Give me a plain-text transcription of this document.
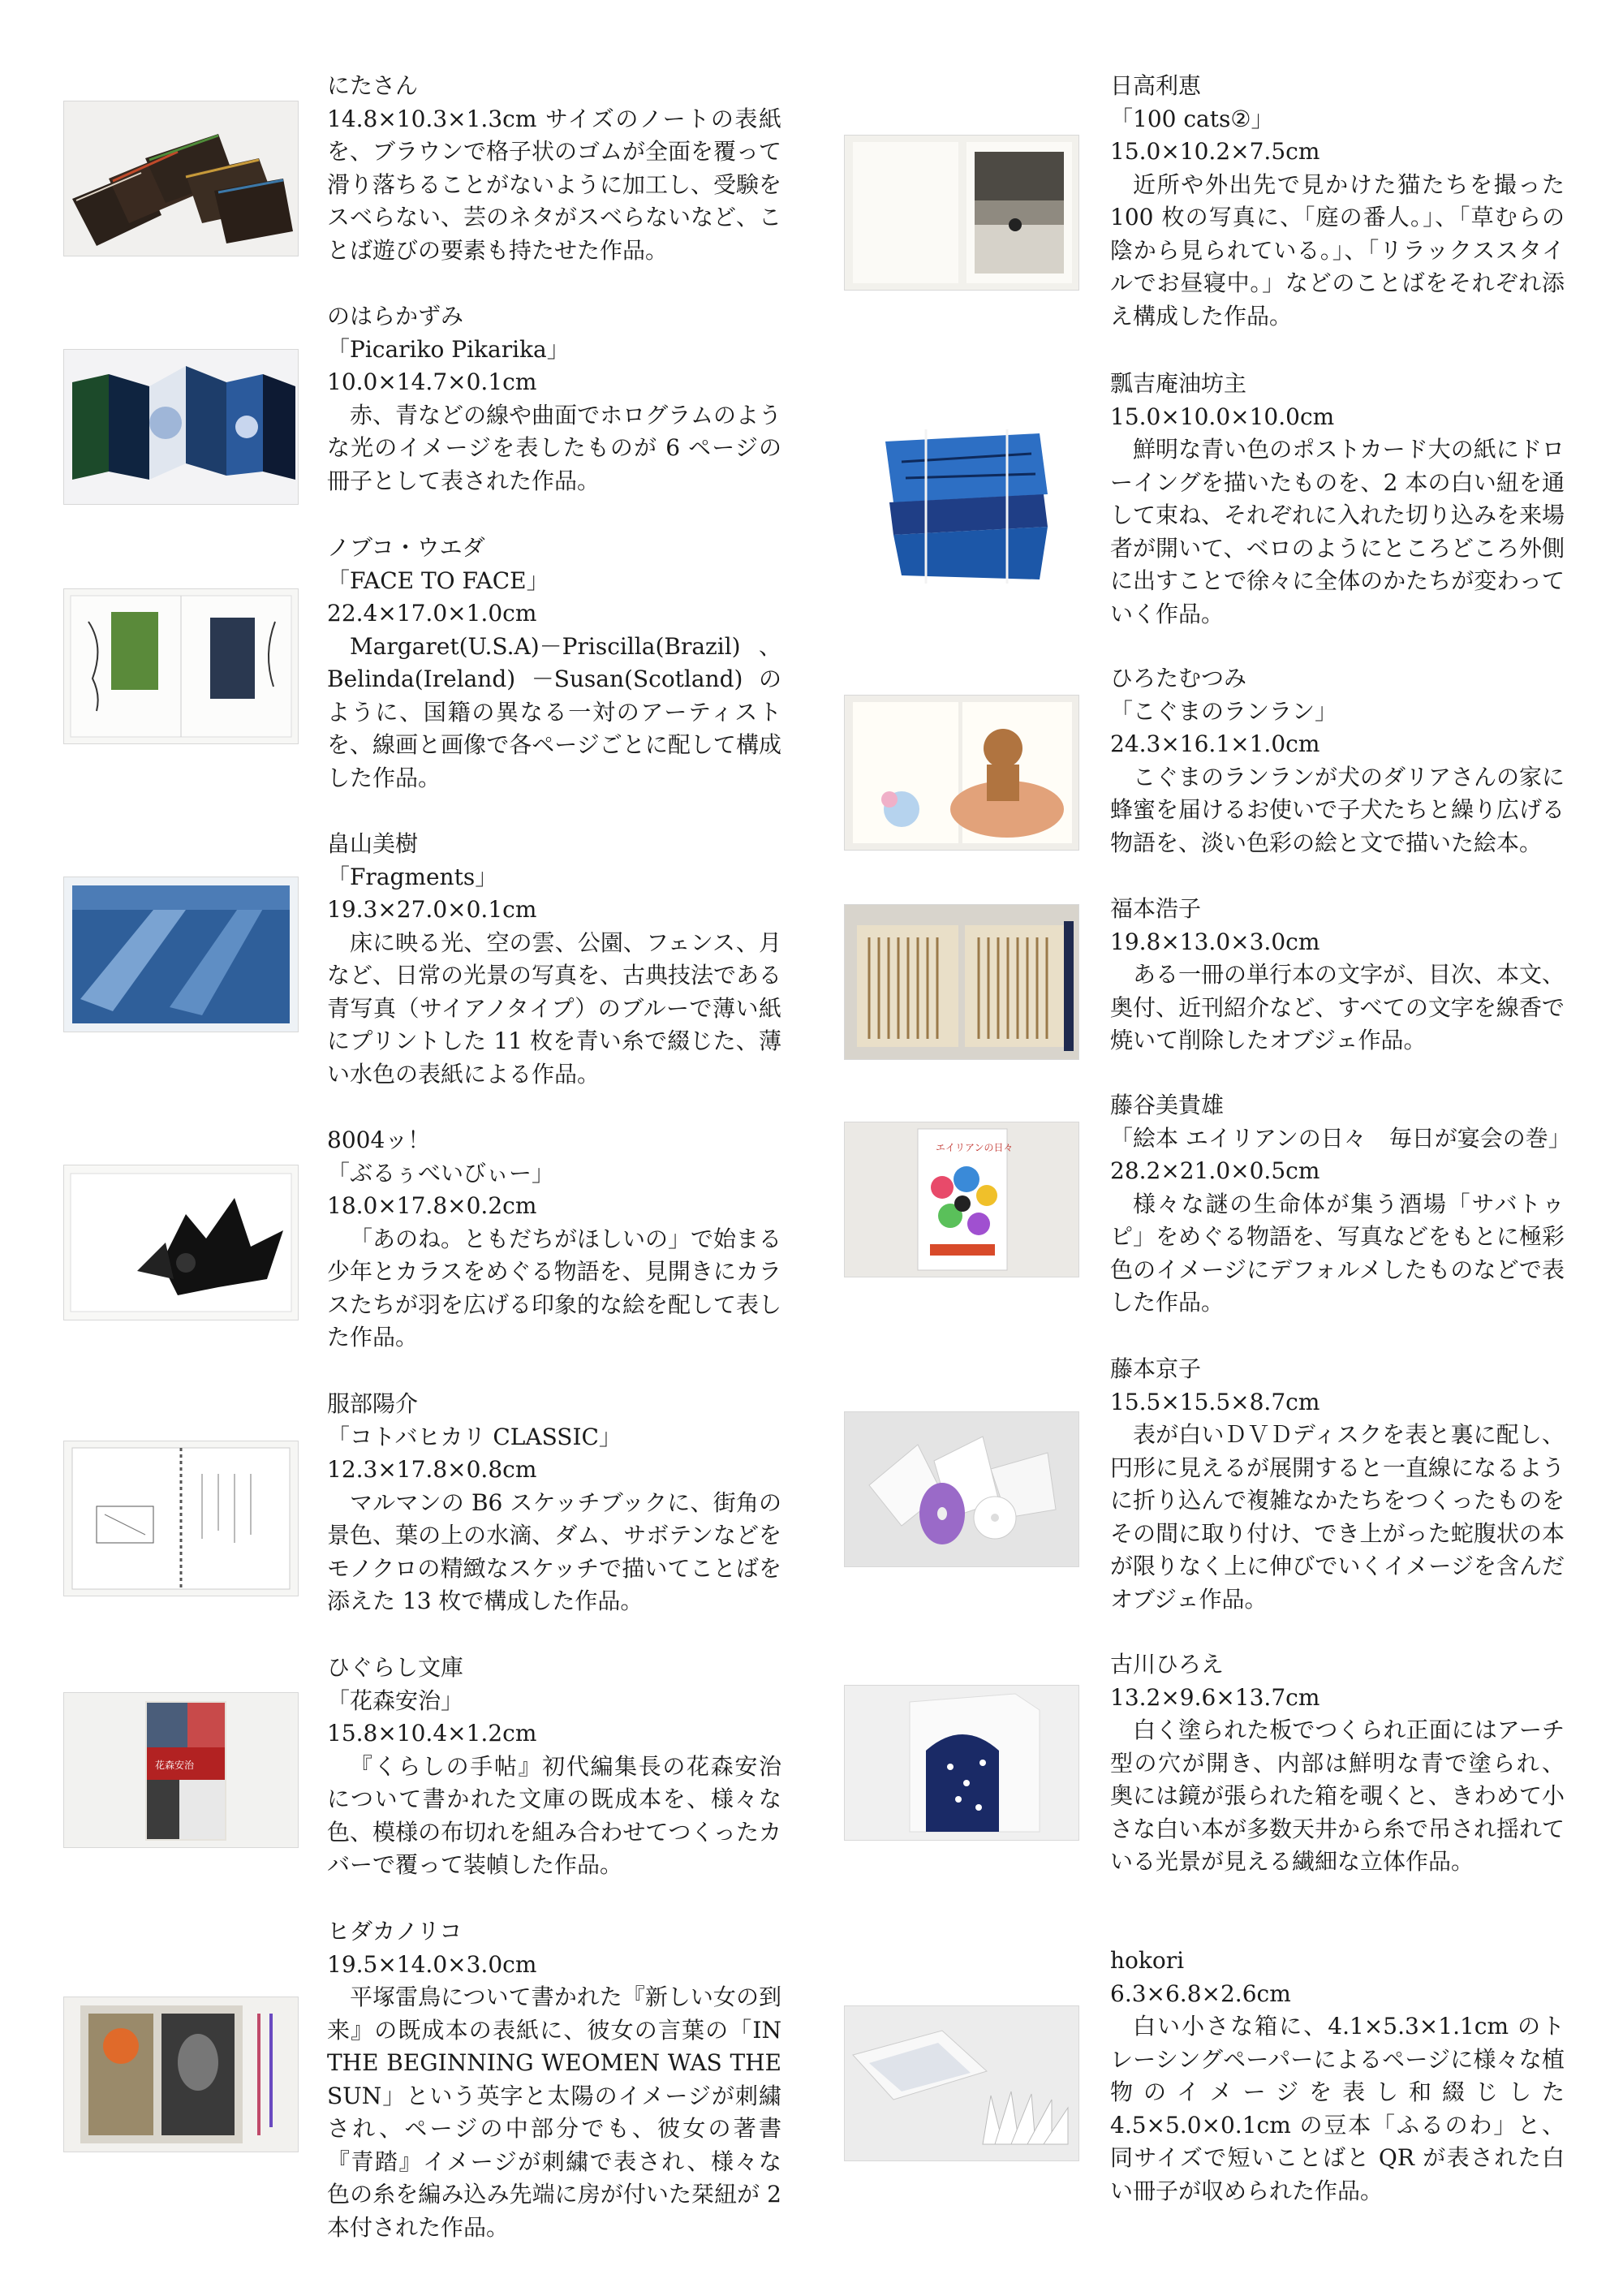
にたさん

14.8×10.3×1.3cm サイズのノートの表紙を、ブラウンで格子状のゴムが全面を覆って滑り落ちることがないように加工し、受験をスベらない、芸のネタがスベらないなど、ことば遊びの要素も持たせた作品。

のはらかずみ
「Picariko Pikarika」
10.0×14.7×0.1cm

赤、青などの線や曲面でホログラムのような光のイメージを表したものが 6 ページの冊子として表された作品。

ノブコ・ウエダ
「FACE TO FACE」
22.4×17.0×1.0cm

Margaret(U.S.A)－Priscilla(Brazil)、Belinda(Ireland) －Susan(Scotland) のように、国籍の異なる一対のアーティストを、線画と画像で各ページごとに配して構成した作品。

畠山美樹
「Fragments」
19.3×27.0×0.1cm

床に映る光、空の雲、公園、フェンス、月など、日常の光景の写真を、古典技法である青写真（サイアノタイプ）のブルーで薄い紙にプリントした 11 枚を青い糸で綴じた、薄い水色の表紙による作品。

8004ッ！
「ぶるぅべいびぃー」
18.0×17.8×0.2cm

「あのね。ともだちがほしいの」で始まる少年とカラスをめぐる物語を、見開きにカラスたちが羽を広げる印象的な絵を配して表した作品。

服部陽介
「コトバヒカリ CLASSIC」
12.3×17.8×0.8cm

マルマンの B6 スケッチブックに、街角の景色、葉の上の水滴、ダム、サボテンなどをモノクロの精緻なスケッチで描いてことばを添えた 13 枚で構成した作品。

花森安治
ひぐらし文庫
「花森安治」
15.8×10.4×1.2cm

『くらしの手帖』初代編集長の花森安治について書かれた文庫の既成本を、様々な色、模様の布切れを組み合わせてつくったカバーで覆って装幀した作品。

ヒダカノリコ
19.5×14.0×3.0cm

平塚雷鳥について書かれた『新しい女の到来』の既成本の表紙に、彼女の言葉の「IN THE BEGINNING WEOMEN WAS THE SUN」という英字と太陽のイメージが刺繍され、ページの中部分でも、彼女の著書『青踏』イメージが刺繍で表され、様々な色の糸を編み込み先端に房が付いた栞紐が 2 本付された作品。

日高利恵
「100 cats②」
15.0×10.2×7.5cm

近所や外出先で見かけた猫たちを撮った 100 枚の写真に、「庭の番人。」、「草むらの陰から見られている。」、「リラックススタイルでお昼寝中。」などのことばをそれぞれ添え構成した作品。

瓢吉庵油坊主
15.0×10.0×10.0cm

鮮明な青い色のポストカード大の紙にドローイングを描いたものを、2 本の白い紐を通して束ね、それぞれに入れた切り込みを来場者が開いて、ベロのようにところどころ外側に出すことで徐々に全体のかたちが変わっていく作品。

ひろたむつみ
「こぐまのランラン」
24.3×16.1×1.0cm

こぐまのランランが犬のダリアさんの家に蜂蜜を届けるお使いで子犬たちと繰り広げる物語を、淡い色彩の絵と文で描いた絵本。

福本浩子
19.8×13.0×3.0cm

ある一冊の単行本の文字が、目次、本文、奥付、近刊紹介など、すべての文字を線香で焼いて削除したオブジェ作品。

エイリアンの日々
藤谷美貴雄
「絵本 エイリアンの日々　毎日が宴会の巻」
28.2×21.0×0.5cm

様々な謎の生命体が集う酒場「サバトゥピ」をめぐる物語を、写真などをもとに極彩色のイメージにデフォルメしたものなどで表した作品。

藤本京子
15.5×15.5×8.7cm

表が白いＤＶＤディスクを表と裏に配し、円形に見えるが展開すると一直線になるように折り込んで複雑なかたちをつくったものをその間に取り付け、でき上がった蛇腹状の本が限りなく上に伸びでいくイメージを含んだオブジェ作品。

古川ひろえ
13.2×9.6×13.7cm

白く塗られた板でつくられ正面にはアーチ型の穴が開き、内部は鮮明な青で塗られ、奥には鏡が張られた箱を覗くと、きわめて小さな白い本が多数天井から糸で吊され揺れている光景が見える繊細な立体作品。

hokori
6.3×6.8×2.6cm

白い小さな箱に、4.1×5.3×1.1cm のトレーシングペーパーによるページに様々な植物のイメージを表し和綴じした 4.5×5.0×0.1cm の豆本「ふるのわ」と、同サイズで短いことばと QR が表された白い冊子が収められた作品。
